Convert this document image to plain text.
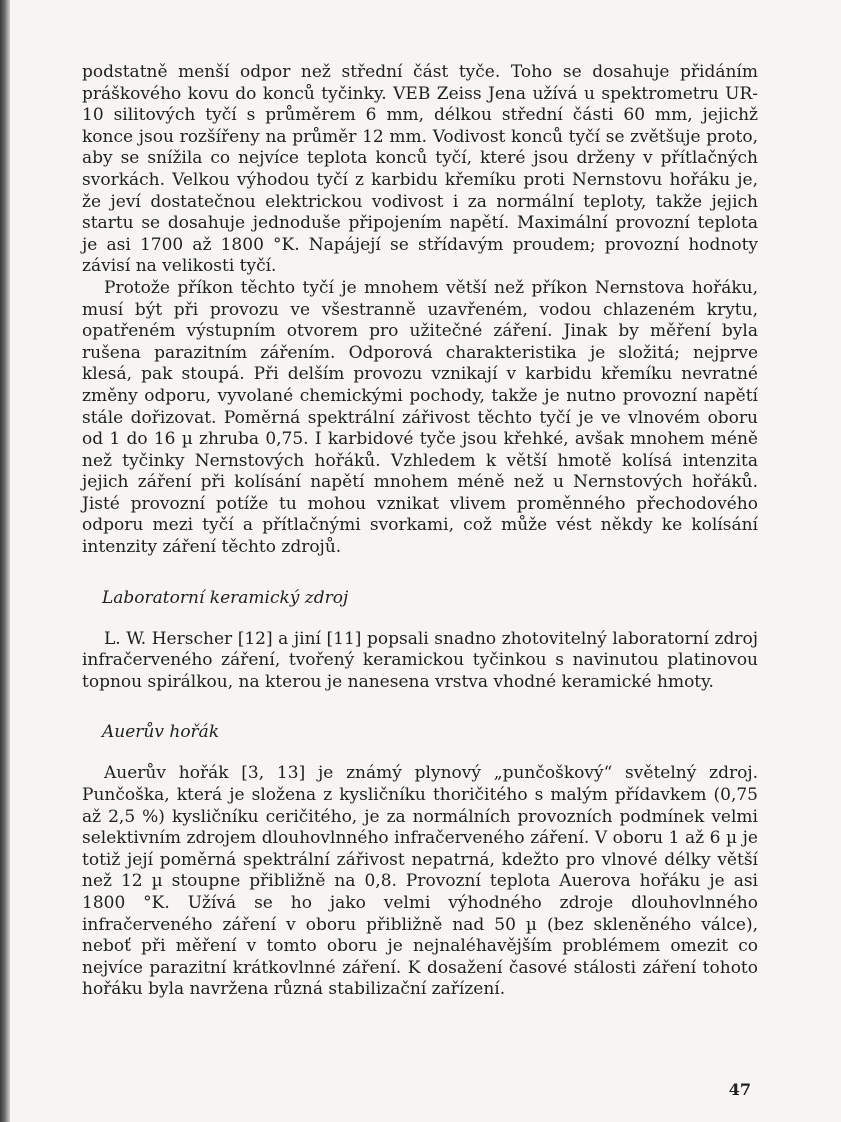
podstatně menší odpor než střední část tyče. Toho se dosahuje přidáním práškového kovu do konců tyčinky. VEB Zeiss Jena užívá u spektrometru UR-10 silitových tyčí s průměrem 6 mm, délkou střední části 60 mm, jejichž konce jsou rozšířeny na průměr 12 mm. Vodivost konců tyčí se zvětšuje proto, aby se snížila co nejvíce teplota konců tyčí, které jsou drženy v přítlačných svorkách. Velkou výhodou tyčí z karbidu křemíku proti Nernstovu hořáku je, že jeví dostatečnou elektrickou vodivost i za normální teploty, takže jejich startu se dosahuje jednoduše připojením napětí. Maximální provozní teplota je asi 1700 až 1800 °K. Napájejí se střídavým proudem; provozní hodnoty závisí na velikosti tyčí.

Protože příkon těchto tyčí je mnohem větší než příkon Nernstova hořáku, musí být při provozu ve všestranně uzavřeném, vodou chlazeném krytu, opatřeném výstupním otvorem pro užitečné záření. Jinak by měření byla rušena parazitním zářením. Odporová charakteristika je složitá; nejprve klesá, pak stoupá. Při delším provozu vznikají v karbidu křemíku nevratné změny odporu, vyvolané chemickými pochody, takže je nutno provozní napětí stále dořizovat. Poměrná spektrální zářivost těchto tyčí je ve vlnovém oboru od 1 do 16 µ zhruba 0,75. I karbidové tyče jsou křehké, avšak mnohem méně než tyčinky Nernstových hořáků. Vzhledem k větší hmotě kolísá intenzita jejich záření při kolísání napětí mnohem méně než u Nernstových hořáků. Jisté provozní potíže tu mohou vznikat vlivem proměnného přechodového odporu mezi tyčí a přítlačnými svorkami, což může vést někdy ke kolísání intenzity záření těchto zdrojů.

Laboratorní keramický zdroj

L. W. Herscher [12] a jiní [11] popsali snadno zhotovitelný laboratorní zdroj infračerveného záření, tvořený keramickou tyčinkou s navinutou platinovou topnou spirálkou, na kterou je nanesena vrstva vhodné keramické hmoty.

Auerův hořák

Auerův hořák [3, 13] je známý plynový „punčoškový“ světelný zdroj. Punčoška, která je složena z kysličníku thoričitého s malým přídavkem (0,75 až 2,5 %) kysličníku ceričitého, je za normálních provozních podmínek velmi selektivním zdrojem dlouhovlnného infračerveného záření. V oboru 1 až 6 µ je totiž její poměrná spektrální zářivost nepatrná, kdežto pro vlnové délky větší než 12 µ stoupne přibližně na 0,8. Provozní teplota Auerova hořáku je asi 1800 °K. Užívá se ho jako velmi výhodného zdroje dlouhovlnného infračerveného záření v oboru přibližně nad 50 µ (bez skleněného válce), neboť při měření v tomto oboru je nejnaléhavějším problémem omezit co nejvíce parazitní krátkovlnné záření. K dosažení časové stálosti záření tohoto hořáku byla navržena různá stabilizační zařízení.

47
